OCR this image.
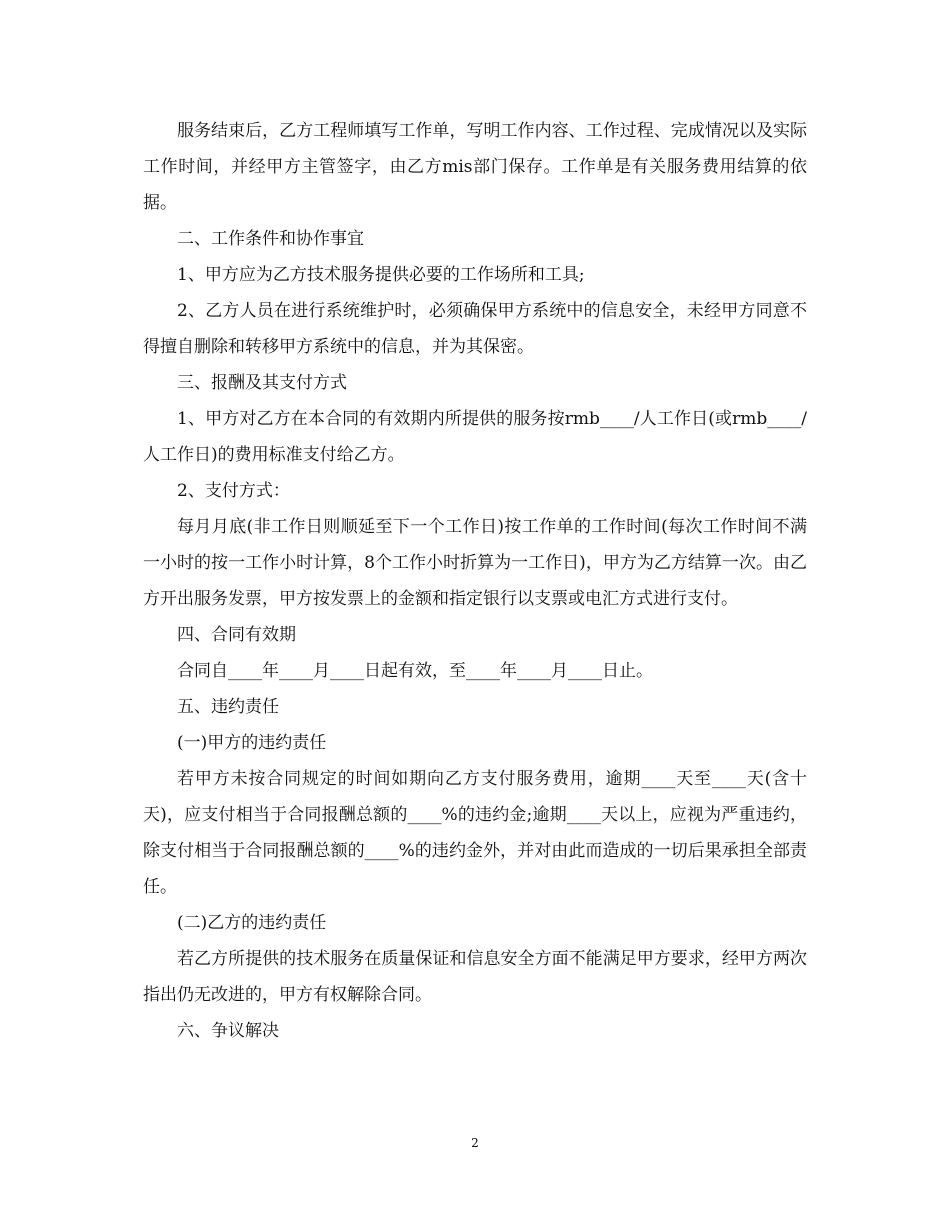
服务结束后，乙方工程师填写工作单，写明工作内容、工作过程、完成情况以及实际工作时间，并经甲方主管签字，由乙方mis部门保存。工作单是有关服务费用结算的依据。

二、工作条件和协作事宜

1、甲方应为乙方技术服务提供必要的工作场所和工具;

2、乙方人员在进行系统维护时，必须确保甲方系统中的信息安全，未经甲方同意不得擅自删除和转移甲方系统中的信息，并为其保密。

三、报酬及其支付方式

1、甲方对乙方在本合同的有效期内所提供的服务按rmb____/人工作日(或rmb____/人工作日)的费用标准支付给乙方。

2、支付方式：

每月月底(非工作日则顺延至下一个工作日)按工作单的工作时间(每次工作时间不满一小时的按一工作小时计算，8个工作小时折算为一工作日)，甲方为乙方结算一次。由乙方开出服务发票，甲方按发票上的金额和指定银行以支票或电汇方式进行支付。

四、合同有效期

合同自____年____月____日起有效，至____年____月____日止。

五、违约责任

(一)甲方的违约责任

若甲方未按合同规定的时间如期向乙方支付服务费用，逾期____天至____天(含十天)，应支付相当于合同报酬总额的____%的违约金;逾期____天以上，应视为严重违约，除支付相当于合同报酬总额的____%的违约金外，并对由此而造成的一切后果承担全部责任。

(二)乙方的违约责任

若乙方所提供的技术服务在质量保证和信息安全方面不能满足甲方要求，经甲方两次指出仍无改进的，甲方有权解除合同。

六、争议解决

2
